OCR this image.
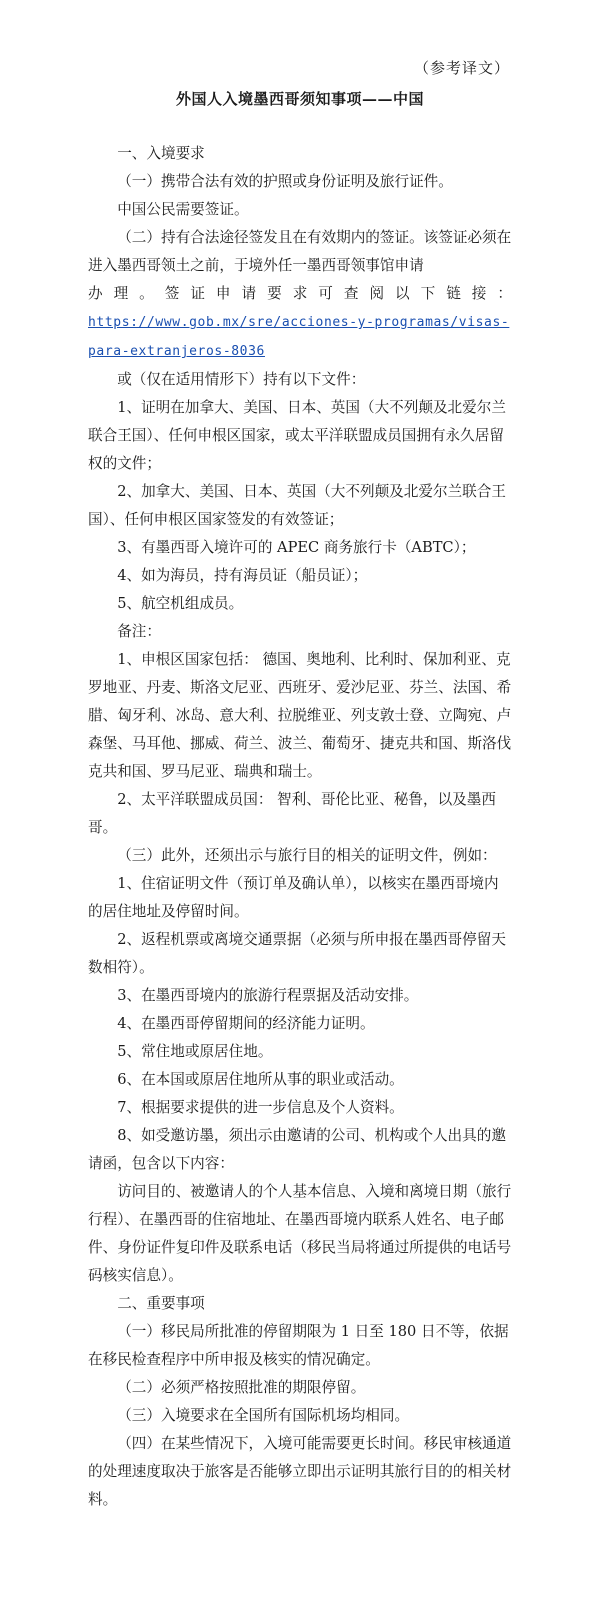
（参考译文）
外国人入境墨西哥须知事项——中国

一、入境要求

（一）携带合法有效的护照或身份证明及旅行证件。

中国公民需要签证。

（二）持有合法途径签发且在有效期内的签证。该签证必须在进入墨西哥领土之前，于境外任一墨西哥领事馆申请

办理。签证申请要求可查阅以下链接：

https://www.gob.mx/sre/acciones-y-programas/visas-para-extranjeros-8036

或（仅在适用情形下）持有以下文件：

1、证明在加拿大、美国、日本、英国（大不列颠及北爱尔兰联合王国）、任何申根区国家，或太平洋联盟成员国拥有永久居留权的文件；

2、加拿大、美国、日本、英国（大不列颠及北爱尔兰联合王国）、任何申根区国家签发的有效签证；

3、有墨西哥入境许可的 APEC 商务旅行卡（ABTC）；

4、如为海员，持有海员证（船员证）；

5、航空机组成员。

备注：

1、申根区国家包括： 德国、奥地利、比利时、保加利亚、克罗地亚、丹麦、斯洛文尼亚、西班牙、爱沙尼亚、芬兰、法国、希腊、匈牙利、冰岛、意大利、拉脱维亚、列支敦士登、立陶宛、卢森堡、马耳他、挪威、荷兰、波兰、葡萄牙、捷克共和国、斯洛伐克共和国、罗马尼亚、瑞典和瑞士。

2、太平洋联盟成员国： 智利、哥伦比亚、秘鲁，以及墨西哥。

（三）此外，还须出示与旅行目的相关的证明文件，例如：

1、住宿证明文件（预订单及确认单），以核实在墨西哥境内的居住地址及停留时间。

2、返程机票或离境交通票据（必须与所申报在墨西哥停留天数相符）。

3、在墨西哥境内的旅游行程票据及活动安排。

4、在墨西哥停留期间的经济能力证明。

5、常住地或原居住地。

6、在本国或原居住地所从事的职业或活动。

7、根据要求提供的进一步信息及个人资料。

8、如受邀访墨，须出示由邀请的公司、机构或个人出具的邀请函，包含以下内容：

访问目的、被邀请人的个人基本信息、入境和离境日期（旅行行程）、在墨西哥的住宿地址、在墨西哥境内联系人姓名、电子邮件、身份证件复印件及联系电话（移民当局将通过所提供的电话号码核实信息）。

二、重要事项

（一）移民局所批准的停留期限为 1 日至 180 日不等，依据在移民检查程序中所申报及核实的情况确定。

（二）必须严格按照批准的期限停留。

（三）入境要求在全国所有国际机场均相同。

（四）在某些情况下，入境可能需要更长时间。移民审核通道的处理速度取决于旅客是否能够立即出示证明其旅行目的的相关材料。
